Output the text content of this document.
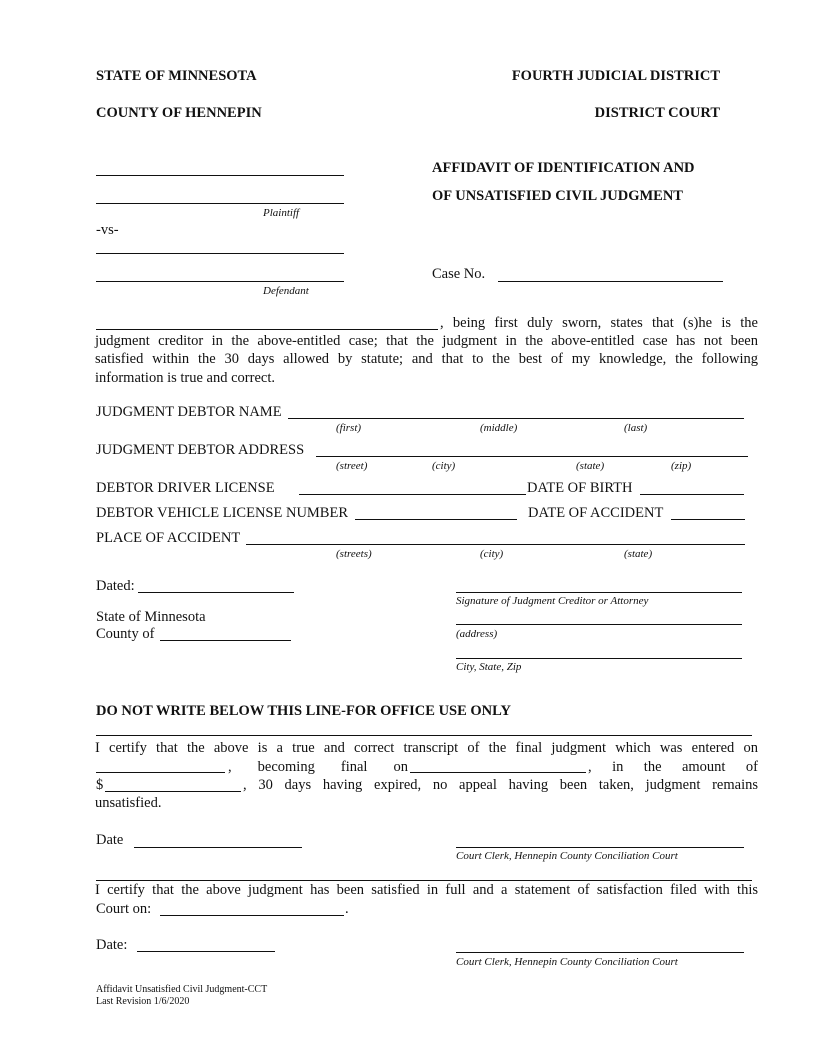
STATE OF MINNESOTA
COUNTY OF HENNEPIN
FOURTH JUDICIAL DISTRICT
DISTRICT COURT
Plaintiff
-vs-
Defendant
AFFIDAVIT OF IDENTIFICATION AND
OF UNSATISFIED CIVIL JUDGMENT
Case No.
, being first duly sworn, states that (s)he is the
judgment creditor in the above-entitled case; that the judgment in the above-entitled case has not been
satisfied within the 30 days allowed by statute; and that to the best of my knowledge, the following
information is true and correct.
JUDGMENT DEBTOR NAME
(first)	(middle)	(last)
JUDGMENT DEBTOR ADDRESS
(street)	(city)	(state)	(zip)
DEBTOR DRIVER LICENSE	DATE OF BIRTH
DEBTOR VEHICLE LICENSE NUMBER	DATE OF ACCIDENT
PLACE OF ACCIDENT
(streets)	(city)	(state)
Dated:
State of Minnesota
County of
Signature of Judgment Creditor or Attorney
(address)
City, State, Zip
DO NOT WRITE BELOW THIS LINE-FOR OFFICE USE ONLY
I certify that the above is a true and correct transcript of the final judgment which was entered on
, becoming final on	, in the amount of
$	, 30 days having expired, no appeal having been taken, judgment remains
unsatisfied.
Date
Court Clerk, Hennepin County Conciliation Court
I certify that the above judgment has been satisfied in full and a statement of satisfaction filed with this
Court on:	.
Date:
Court Clerk, Hennepin County Conciliation Court
Affidavit Unsatisfied Civil Judgment-CCT
Last Revision 1/6/2020
